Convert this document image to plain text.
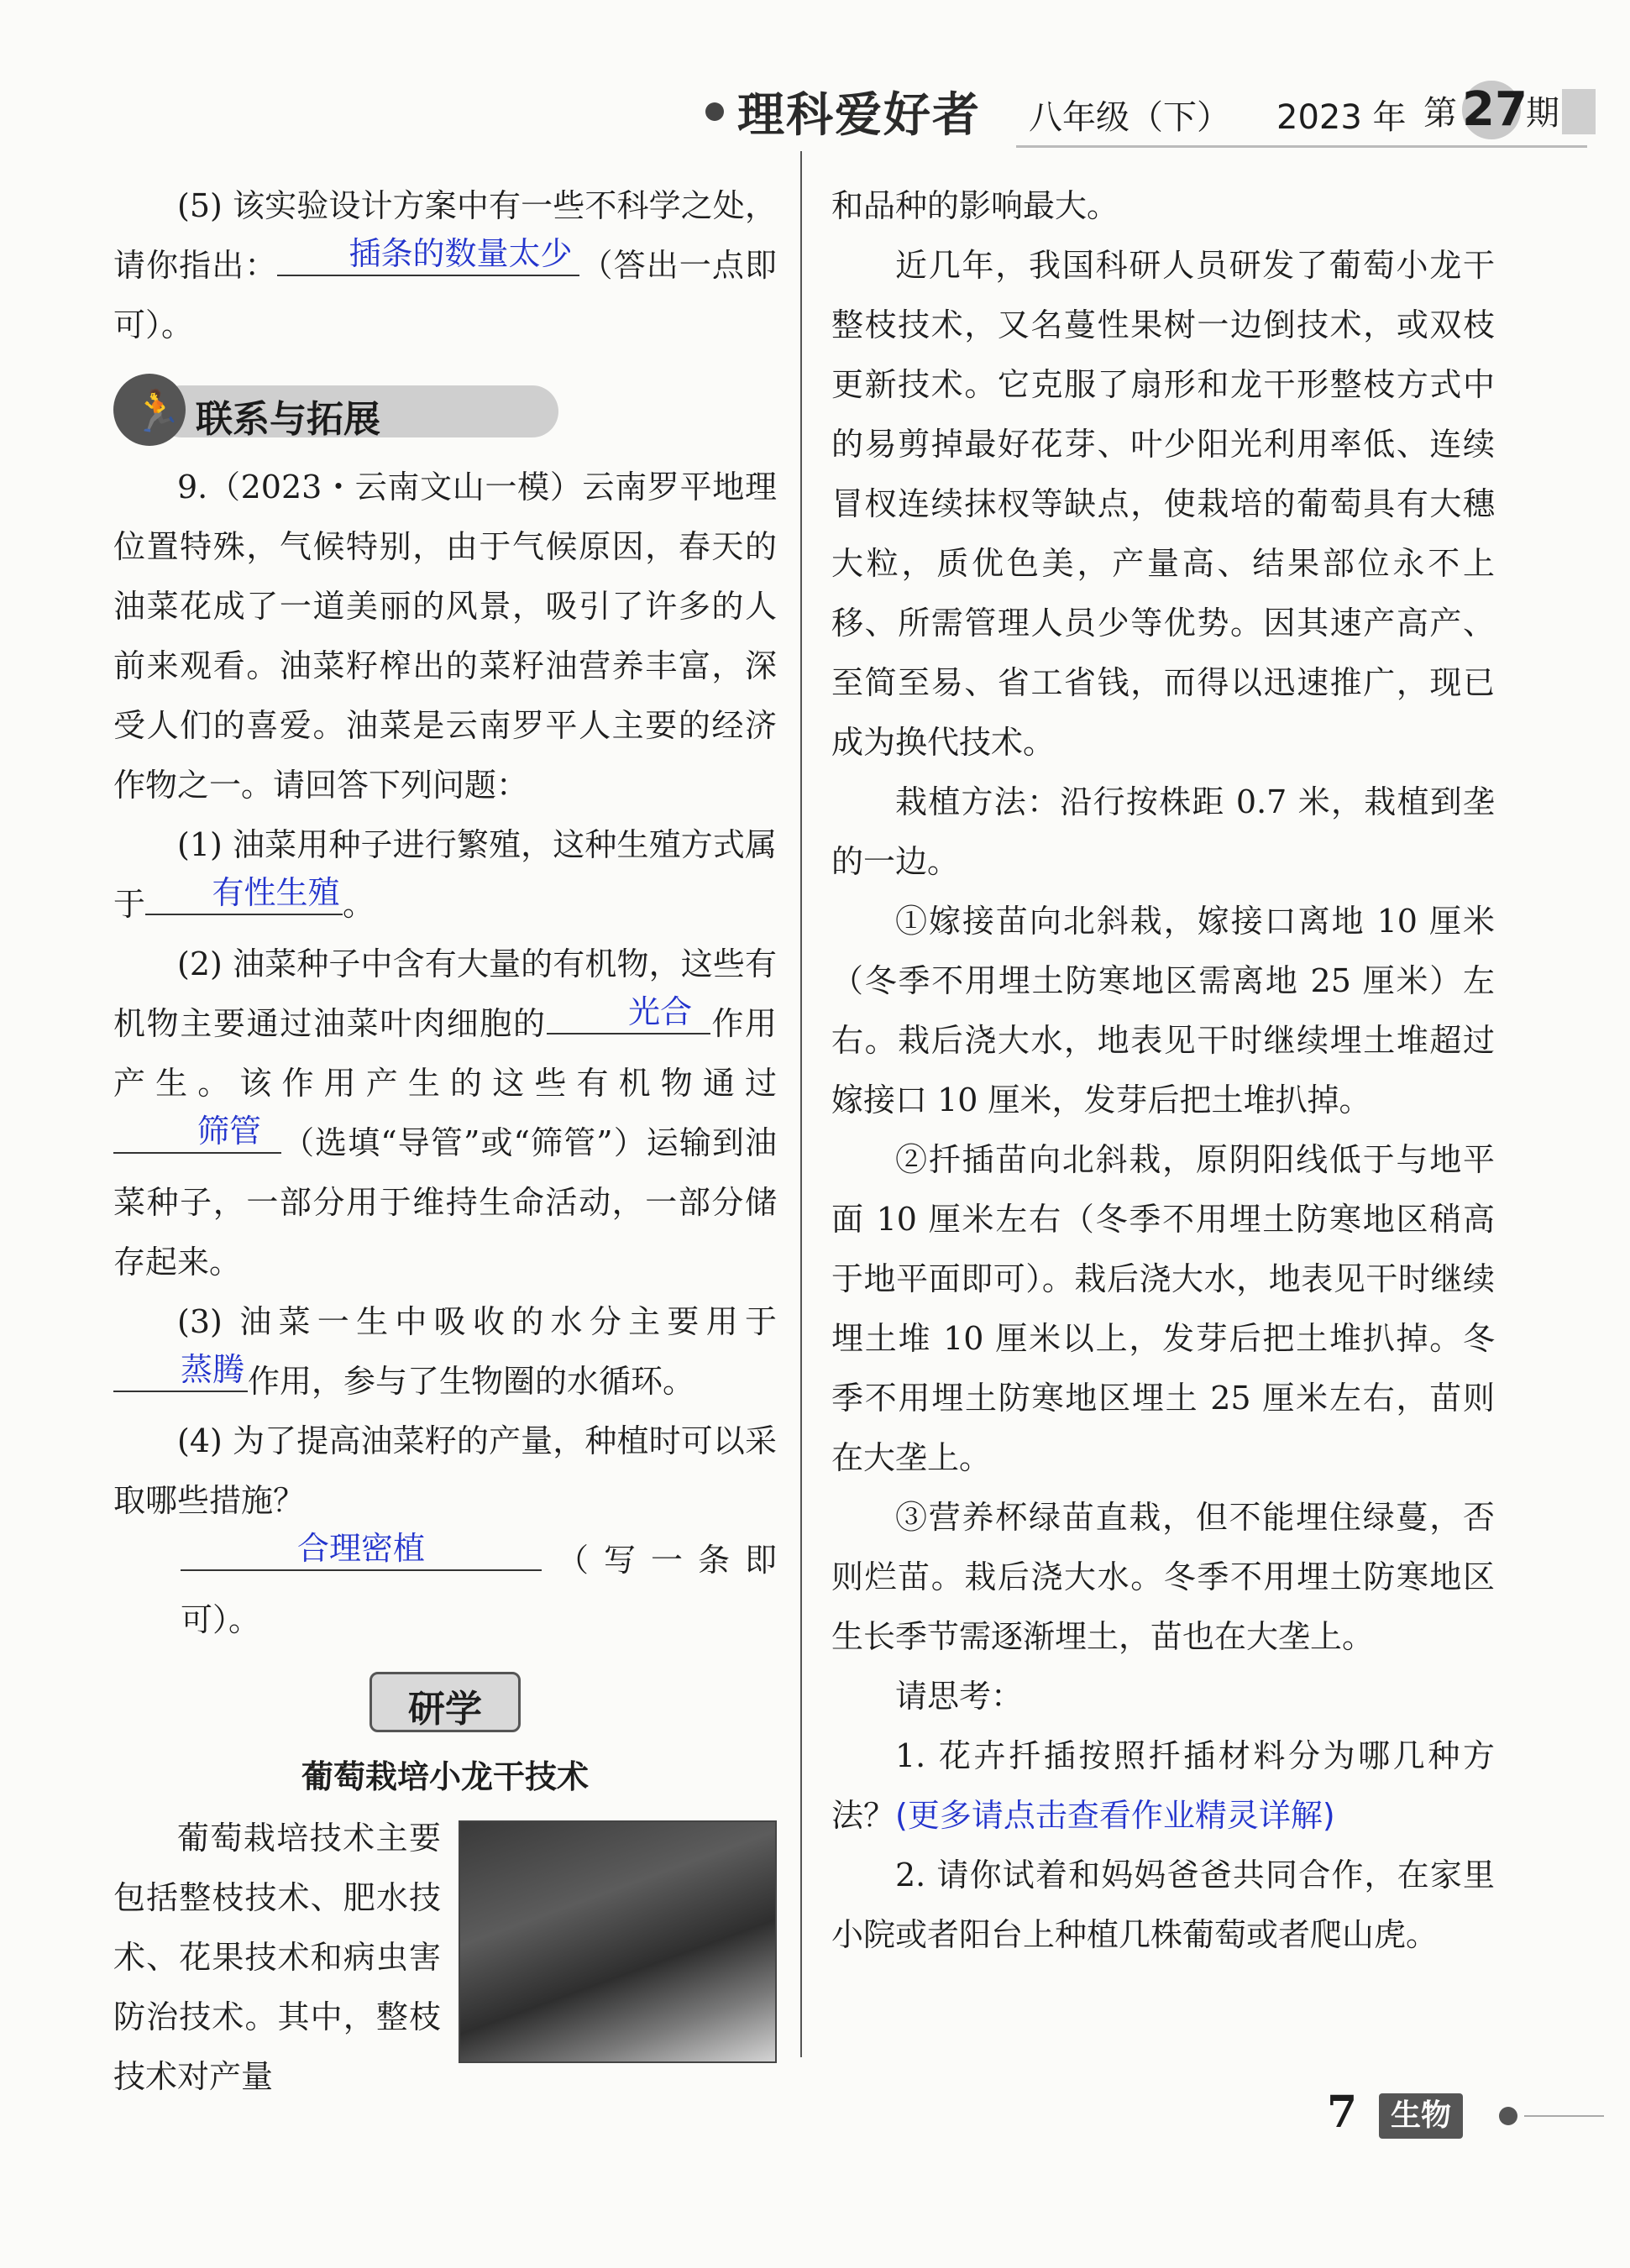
理科爱好者 八年级（下） 2023 年 第 27
期

(5) 该实验设计方案中有一些不科学之处，请你指出：	插条的数量太少 （答出一点即可）。

🏃 联系与拓展

9.（2023・云南文山一模）云南罗平地理位置特殊，气候特别，由于气候原因，春天的油菜花成了一道美丽的风景，吸引了许多的人前来观看。油菜籽榨出的菜籽油营养丰富，深受人们的喜爱。油菜是云南罗平人主要的经济作物之一。请回答下列问题：

(1) 油菜用种子进行繁殖，这种生殖方式属于	有性生殖 。

(2) 油菜种子中含有大量的有机物，这些有机物主要通过油菜叶肉细胞的	光合 作用产生。该作用产生的这些有机物通过
筛管 （选填“导管”或“筛管”）运输到油菜种子，一部分用于维持生命活动，一部分储存起来。

(3) 油菜一生中吸收的水分主要用于
蒸腾 作用，参与了生物圈的水循环。

(4) 为了提高油菜籽的产量，种植时可以采取哪些措施？

合理密植	（写一条即可）。

研学
葡萄栽培小龙干技术

葡萄栽培技术主要包括整枝技术、肥水技术、花果技术和病虫害防治技术。其中，整枝技术对产量

和品种的影响最大。

近几年，我国科研人员研发了葡萄小龙干整枝技术，又名蔓性果树一边倒技术，或双枝更新技术。它克服了扇形和龙干形整枝方式中的易剪掉最好花芽、叶少阳光利用率低、连续冒杈连续抹杈等缺点，使栽培的葡萄具有大穗大粒，质优色美，产量高、结果部位永不上移、所需管理人员少等优势。因其速产高产、至简至易、省工省钱，而得以迅速推广，现已成为换代技术。

栽植方法：沿行按株距 0.7 米，栽植到垄的一边。

①嫁接苗向北斜栽，嫁接口离地 10 厘米（冬季不用埋土防寒地区需离地 25 厘米）左右。栽后浇大水，地表见干时继续埋土堆超过嫁接口 10 厘米，发芽后把土堆扒掉。

②扦插苗向北斜栽，原阴阳线低于与地平面 10 厘米左右（冬季不用埋土防寒地区稍高于地平面即可）。栽后浇大水，地表见干时继续埋土堆 10 厘米以上，发芽后把土堆扒掉。冬季不用埋土防寒地区埋土 25 厘米左右，苗则在大垄上。

③营养杯绿苗直栽，但不能埋住绿蔓，否则烂苗。栽后浇大水。冬季不用埋土防寒地区生长季节需逐渐埋土，苗也在大垄上。

请思考：

1. 花卉扦插按照扦插材料分为哪几种方法？(更多请点击查看作业精灵详解)

2. 请你试着和妈妈爸爸共同合作，在家里小院或者阳台上种植几株葡萄或者爬山虎。

7	生物
